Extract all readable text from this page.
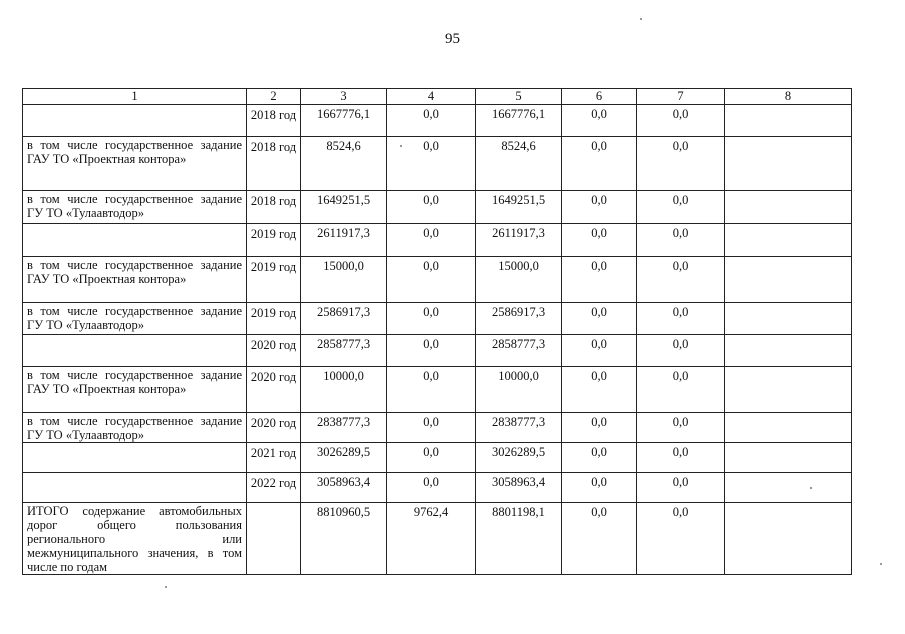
95
1	2	3	4	5	6	7	8
	2018 год	1667776,1	0,0	1667776,1	0,0	0,0	
в том числе государственное задание ГАУ ТО «Проектная контора»	2018 год	8524,6	0,0	8524,6	0,0	0,0	
в том числе государственное задание ГУ ТО «Тулаавтодор»	2018 год	1649251,5	0,0	1649251,5	0,0	0,0	
	2019 год	2611917,3	0,0	2611917,3	0,0	0,0	
в том числе государственное задание ГАУ ТО «Проектная контора»	2019 год	15000,0	0,0	15000,0	0,0	0,0	
в том числе государственное задание ГУ ТО «Тулаавтодор»	2019 год	2586917,3	0,0	2586917,3	0,0	0,0	
	2020 год	2858777,3	0,0	2858777,3	0,0	0,0	
в том числе государственное задание ГАУ ТО «Проектная контора»	2020 год	10000,0	0,0	10000,0	0,0	0,0	
в том числе государственное задание ГУ ТО «Тулаавтодор»	2020 год	2838777,3	0,0	2838777,3	0,0	0,0	
	2021 год	3026289,5	0,0	3026289,5	0,0	0,0	
	2022 год	3058963,4	0,0	3058963,4	0,0	0,0	
ИТОГО содержание автомобильных дорог общего пользования регионального или межмуниципального значения, в том числе по годам		8810960,5	9762,4	8801198,1	0,0	0,0	
